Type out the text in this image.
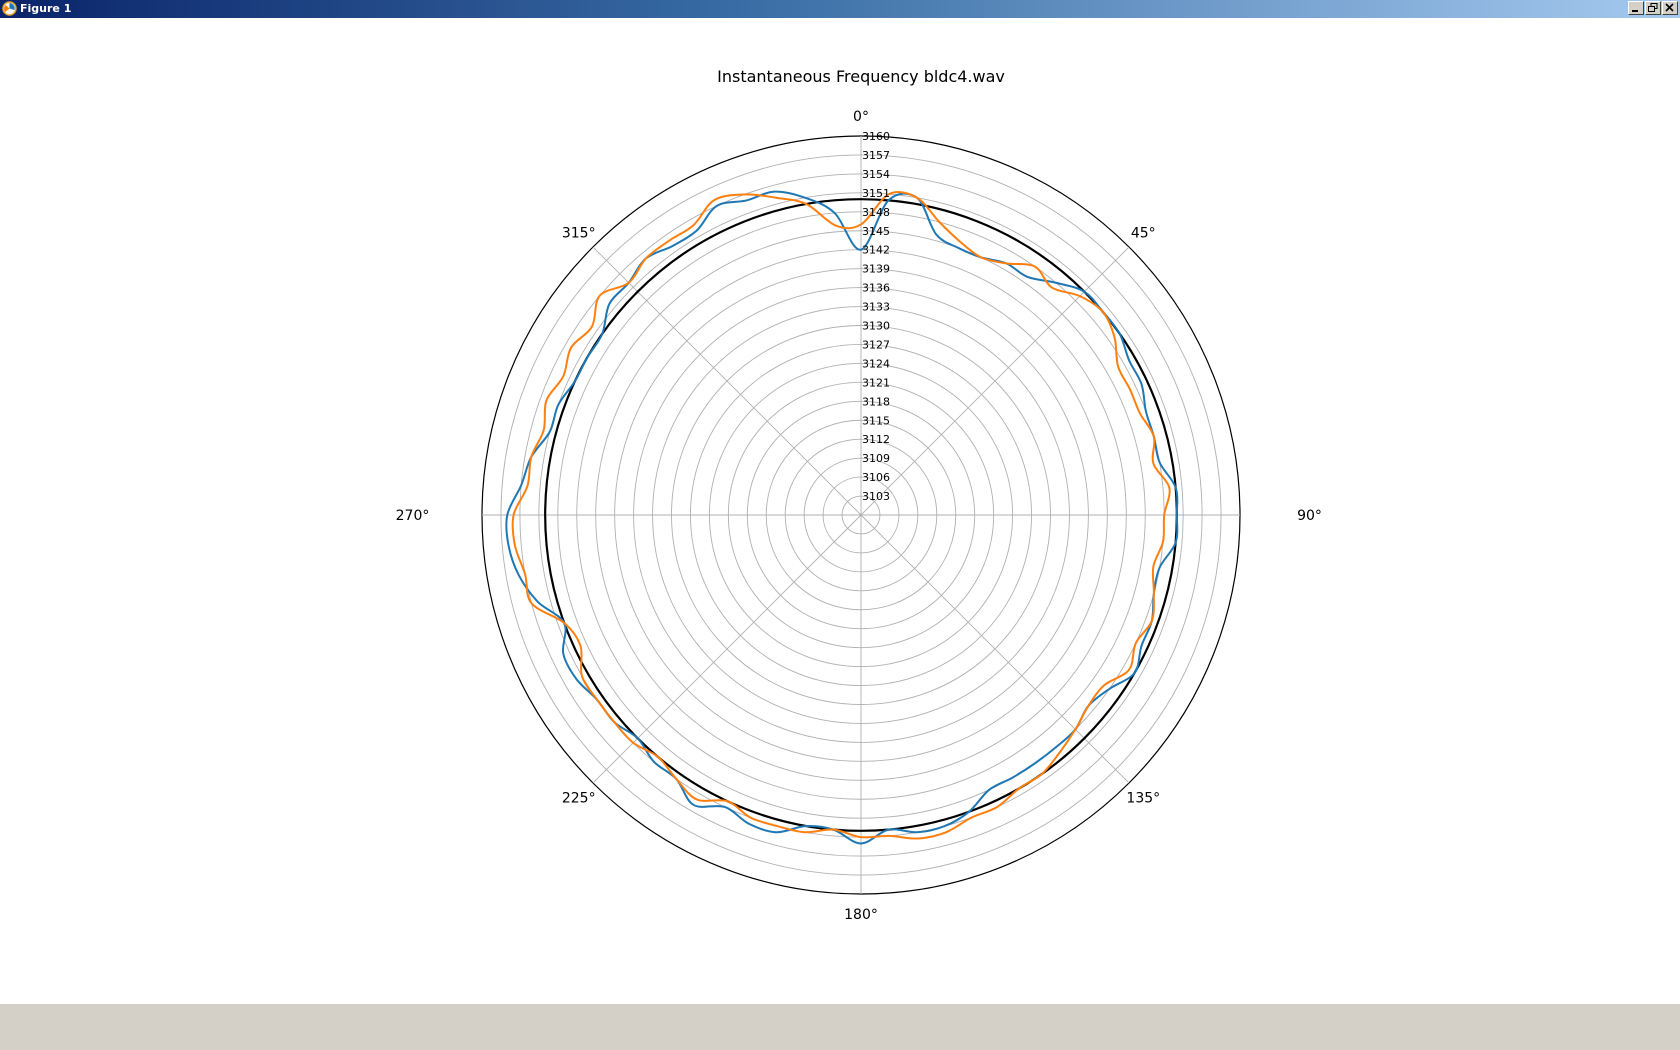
Figure 1
Instantaneous Frequency bldc4.wav
3103
3106
3109
3112
3115
3118
3121
3124
3127
3130
3133
3136
3139
3142
3145
3148
3151
3154
3157
3160
0°
45°
90°
135°
180°
225°
270°
315°
